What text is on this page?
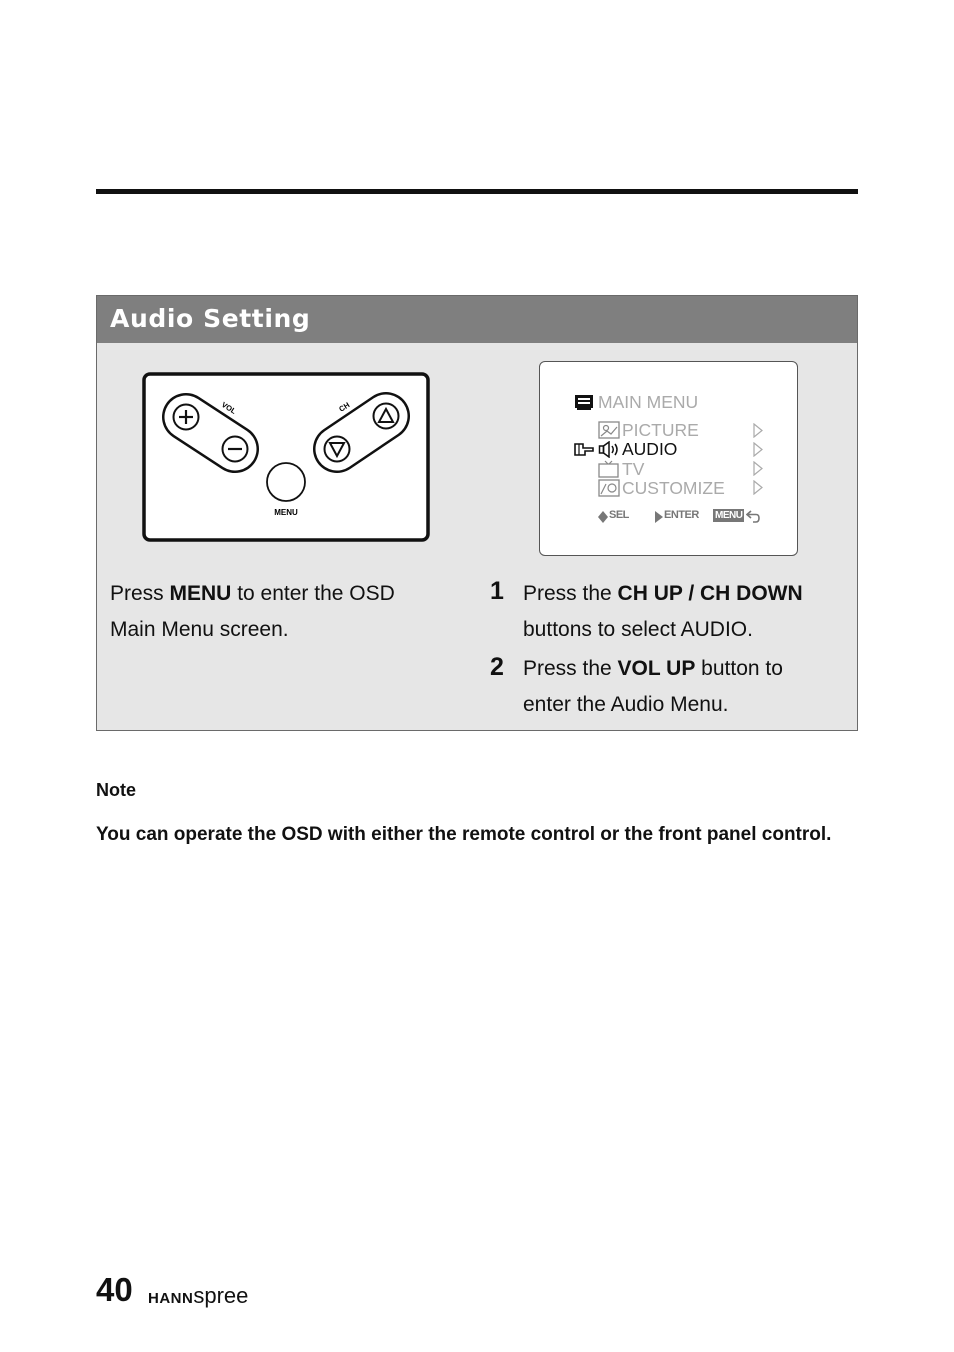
Audio Setting
VOL	CH
MENU
MAIN MENU
PICTURE
AUDIO
TV
CUSTOMIZE
SEL	ENTER MENU
Press MENU to enter the OSD
Main Menu screen.
1 Press the CH UP / CH DOWN
buttons to select AUDIO.
2 Press the VOL UP button to
enter the Audio Menu.
Note
You can operate the OSD with either the remote control or the front panel control.
40 HANNspree
